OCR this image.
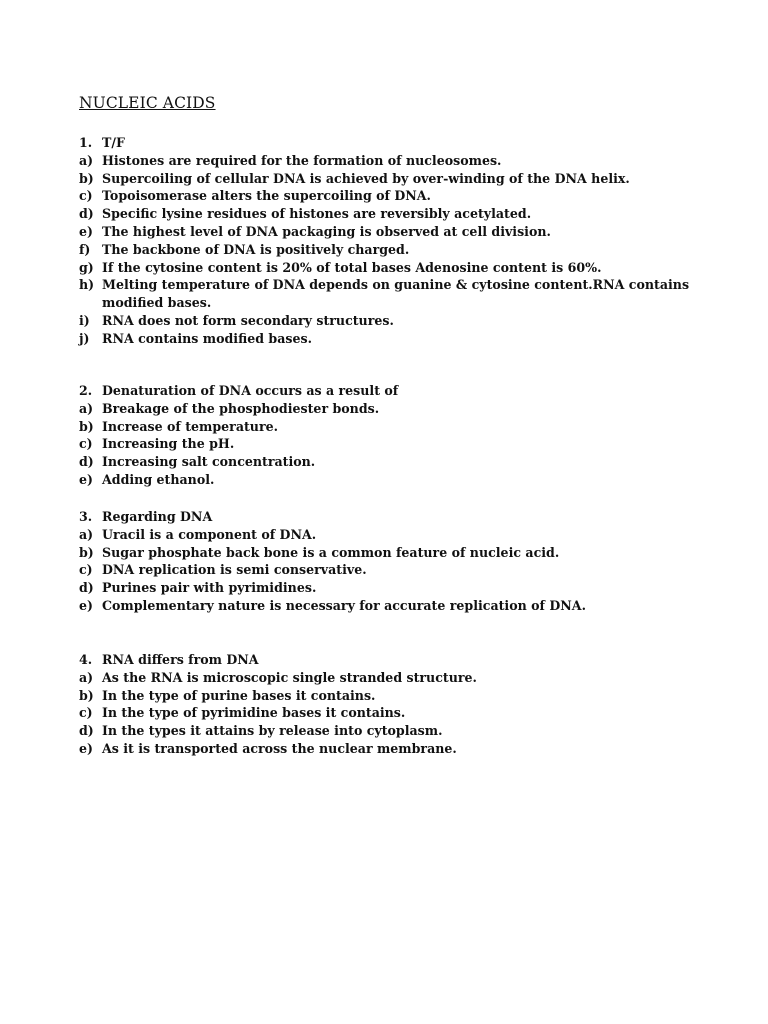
NUCLEIC ACIDS
1. T/F
a) Histones are required for the formation of nucleosomes.
b) Supercoiling of cellular DNA is achieved by over-winding of the DNA helix.
c) Topoisomerase alters the supercoiling of DNA.
d) Specific lysine residues of histones are reversibly acetylated.
e) The highest level of DNA packaging is observed at cell division.
f) The backbone of DNA is positively charged.
g) If the cytosine content is 20% of total bases Adenosine content is 60%.
h) Melting temperature of DNA depends on guanine & cytosine content.RNA contains modified bases.
i) RNA does not form secondary structures.
j) RNA contains modified bases.
2. Denaturation of DNA occurs as a result of
a) Breakage of the phosphodiester bonds.
b) Increase of temperature.
c) Increasing the pH.
d) Increasing salt concentration.
e) Adding ethanol.
3. Regarding DNA
a) Uracil is a component of DNA.
b) Sugar phosphate back bone is a common feature of nucleic acid.
c) DNA replication is semi conservative.
d) Purines pair with pyrimidines.
e) Complementary nature is necessary for accurate replication of DNA.
4. RNA differs from DNA
a) As the RNA is microscopic single stranded structure.
b) In the type of purine bases it contains.
c) In the type of pyrimidine bases it contains.
d) In the types it attains by release into cytoplasm.
e) As it is transported across the nuclear membrane.
